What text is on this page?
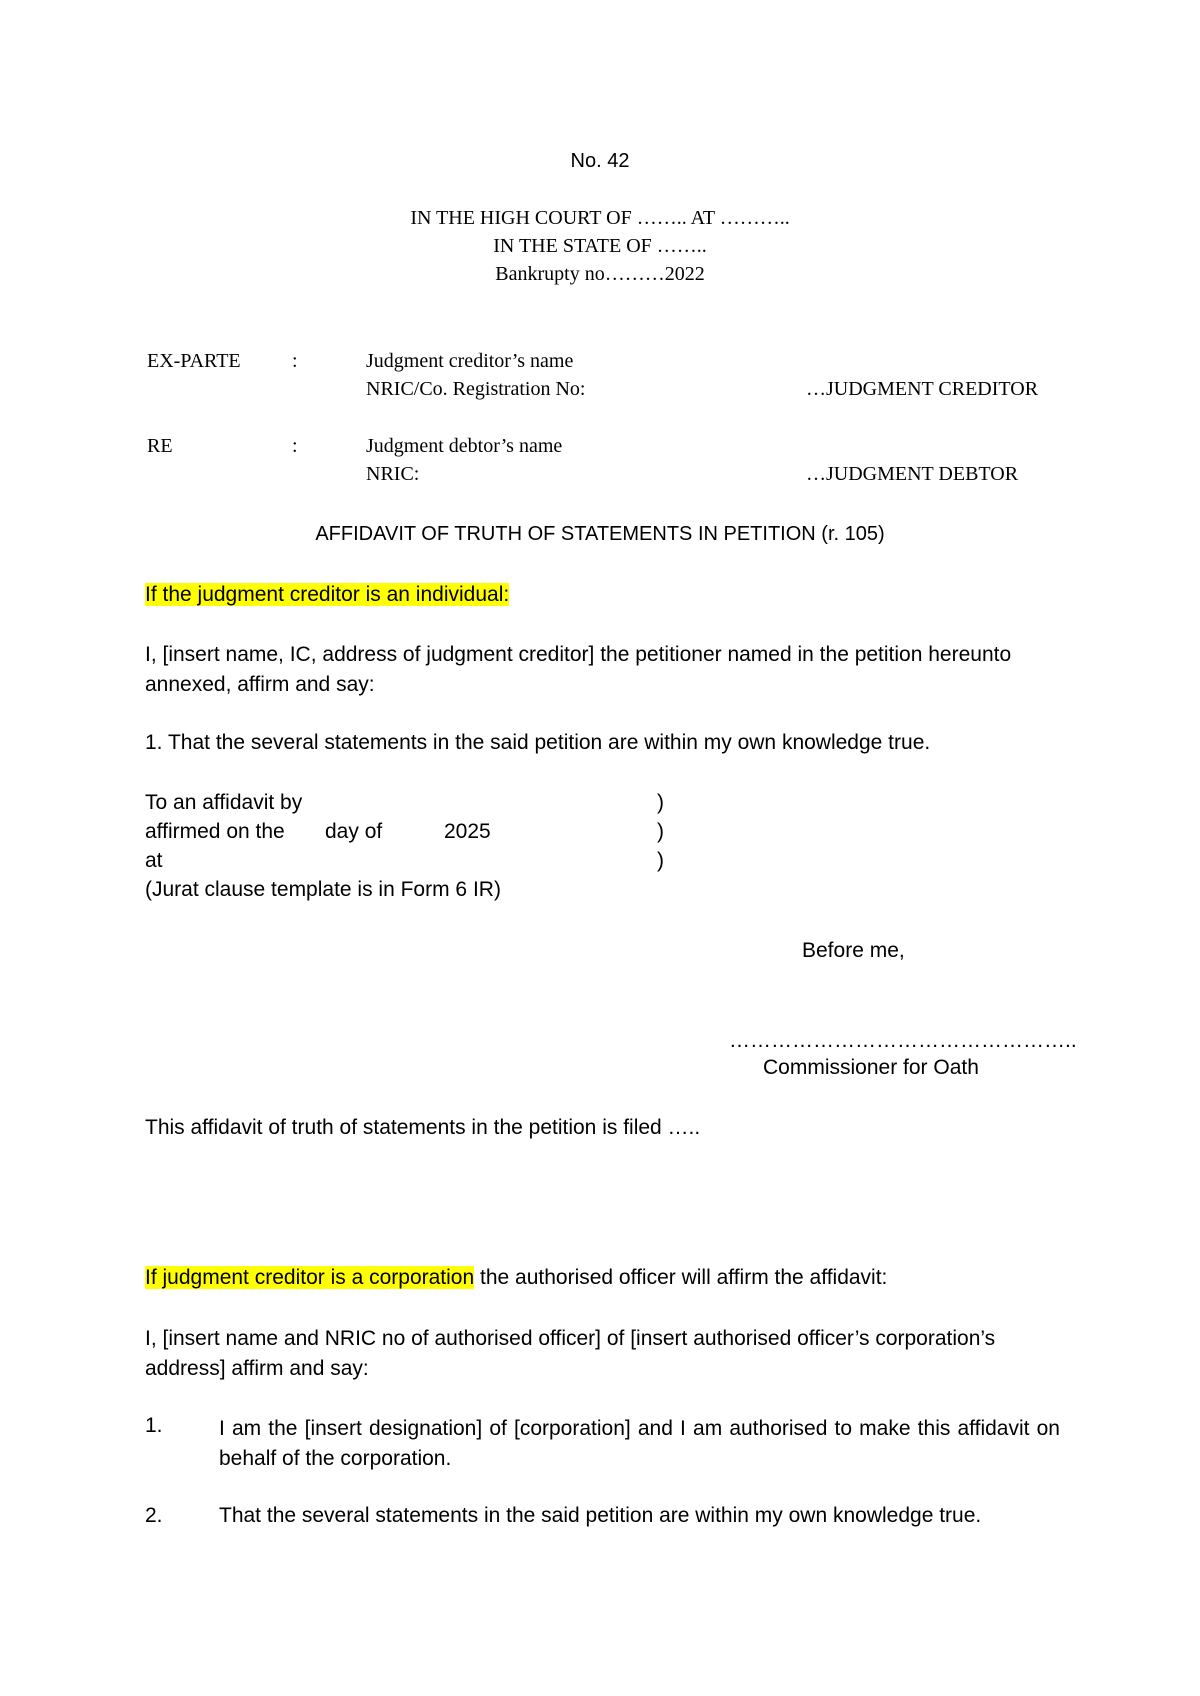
No. 42
IN THE HIGH COURT OF …….. AT ………..
IN THE STATE OF ……..
Bankrupty no………2022
EX-PARTE	:	Judgment creditor’s name
NRIC/Co. Registration No:	…JUDGMENT CREDITOR
RE	:	Judgment debtor’s name
NRIC:	…JUDGMENT DEBTOR
AFFIDAVIT OF TRUTH OF STATEMENTS IN PETITION (r. 105)
If the judgment creditor is an individual:
I, [insert name, IC, address of judgment creditor] the petitioner named in the petition hereunto annexed, affirm and say:
1. That the several statements in the said petition are within my own knowledge true.
To an affidavit by	)
affirmed on the day of	2025	)
at	)
(Jurat clause template is in Form 6 IR)
Before me,
…………………………………………..
Commissioner for Oath
This affidavit of truth of statements in the petition is filed …..
If judgment creditor is a corporation the authorised officer will affirm the affidavit:
I, [insert name and NRIC no of authorised officer] of [insert authorised officer’s corporation’s address] affirm and say:
1.	I am the [insert designation] of [corporation] and I am authorised to make this affidavit on behalf of the corporation.
2.	That the several statements in the said petition are within my own knowledge true.
